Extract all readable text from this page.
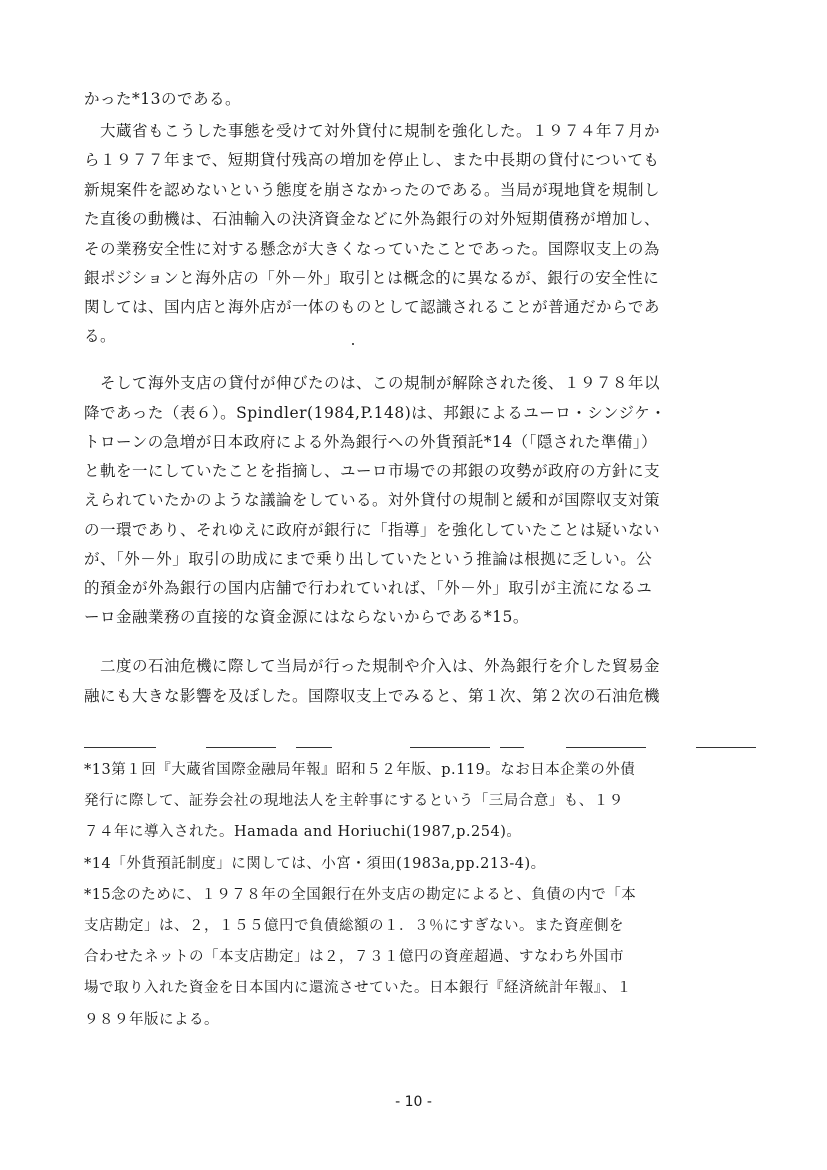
かった*13のである。
大蔵省もこうした事態を受けて対外貸付に規制を強化した。１９７４年７月か
ら１９７７年まで、短期貸付残高の増加を停止し、また中長期の貸付についても
新規案件を認めないという態度を崩さなかったのである。当局が現地貸を規制し
た直後の動機は、石油輸入の決済資金などに外為銀行の対外短期債務が増加し、
その業務安全性に対する懸念が大きくなっていたことであった。国際収支上の為
銀ポジションと海外店の「外－外」取引とは概念的に異なるが、銀行の安全性に
関しては、国内店と海外店が一体のものとして認識されることが普通だからであ
る。
そして海外支店の貸付が伸びたのは、この規制が解除された後、１９７８年以
降であった（表６）。Spindler(1984,P.148)は、邦銀によるユーロ・シンジケ・
トローンの急増が日本政府による外為銀行への外貨預託*14（「隠された準備」）
と軌を一にしていたことを指摘し、ユーロ市場での邦銀の攻勢が政府の方針に支
えられていたかのような議論をしている。対外貸付の規制と緩和が国際収支対策
の一環であり、それゆえに政府が銀行に「指導」を強化していたことは疑いない
が、「外－外」取引の助成にまで乗り出していたという推論は根拠に乏しい。公
的預金が外為銀行の国内店舗で行われていれば、「外－外」取引が主流になるユ
ーロ金融業務の直接的な資金源にはならないからである*15。
二度の石油危機に際して当局が行った規制や介入は、外為銀行を介した貿易金
融にも大きな影響を及ぼした。国際収支上でみると、第１次、第２次の石油危機
*13第１回『大蔵省国際金融局年報』昭和５２年版、p.119。なお日本企業の外債
発行に際して、証券会社の現地法人を主幹事にするという「三局合意」も、１９
７４年に導入された。Hamada and Horiuchi(1987,p.254)。
*14「外貨預託制度」に関しては、小宮・須田(1983a,pp.213-4)。
*15念のために、１９７８年の全国銀行在外支店の勘定によると、負債の内で「本
支店勘定」は、２，１５５億円で負債総額の１．３％にすぎない。また資産側を
合わせたネットの「本支店勘定」は２，７３１億円の資産超過、すなわち外国市
場で取り入れた資金を日本国内に還流させていた。日本銀行『経済統計年報』、１
９８９年版による。
- 10 -
